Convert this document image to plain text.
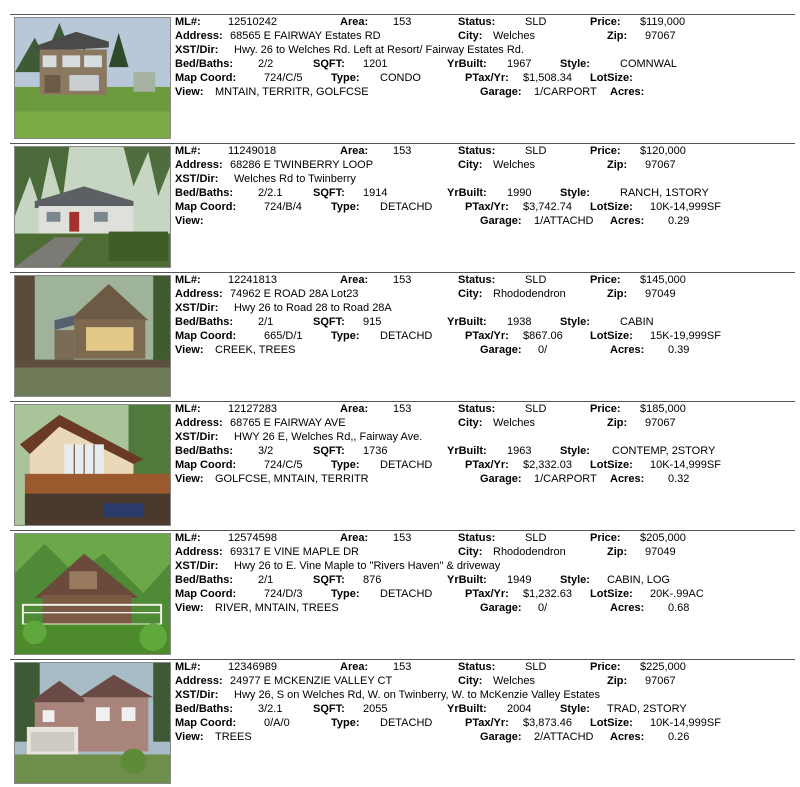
ML#: 12510242	Area: 153	Status:	SLD	Price: $119,000
Address: 68565 E FAIRWAY Estates RD	City: Welches	Zip: 97067
XST/Dir: Hwy. 26 to Welches Rd. Left at Resort/ Fairway Estates Rd.
Bed/Baths: 2/2	SQFT: 1201	YrBuilt: 1967	Style:	COMNWAL
Map Coord:	724/C/5	Type: CONDO	PTax/Yr: $1,508.34 LotSize:
View: MNTAIN, TERRITR, GOLFCSE	Garage: 1/CARPORT Acres:
ML#: 11249018	Area: 153	Status:	SLD	Price: $120,000
Address: 68286 E TWINBERRY LOOP	City: Welches	Zip: 97067
XST/Dir: Welches Rd to Twinberry
Bed/Baths: 2/2.1	SQFT: 1914	YrBuilt: 1990	Style:	RANCH, 1STORY
Map Coord:	724/B/4	Type: DETACHD	PTax/Yr: $3,742.74 LotSize: 10K-14,999SF
View:	Garage: 1/ATTACHD Acres: 0.29
ML#: 12241813	Area: 153	Status:	SLD	Price: $145,000
Address: 74962 E ROAD 28A Lot23	City: Rhododendron	Zip: 97049
XST/Dir: Hwy 26 to Road 28 to Road 28A
Bed/Baths: 2/1	SQFT: 915	YrBuilt: 1938	Style:	CABIN
Map Coord:	665/D/1	Type: DETACHD	PTax/Yr: $867.06 LotSize: 15K-19,999SF
View: CREEK, TREES	Garage: 0/	Acres: 0.39
ML#: 12127283	Area: 153	Status:	SLD	Price: $185,000
Address: 68765 E FAIRWAY AVE	City: Welches	Zip: 97067
XST/Dir: HWY 26 E, Welches Rd,, Fairway Ave.
Bed/Baths: 3/2	SQFT: 1736	YrBuilt: 1963	Style: CONTEMP, 2STORY
Map Coord:	724/C/5	Type: DETACHD	PTax/Yr: $2,332.03 LotSize: 10K-14,999SF
View: GOLFCSE, MNTAIN, TERRITR	Garage: 1/CARPORT Acres: 0.32
ML#: 12574598	Area: 153	Status:	SLD	Price: $205,000
Address: 69317 E VINE MAPLE DR	City: Rhododendron	Zip: 97049
XST/Dir: Hwy 26 to E. Vine Maple to "Rivers Haven" & driveway
Bed/Baths: 2/1	SQFT: 876	YrBuilt: 1949	Style: CABIN, LOG
Map Coord:	724/D/3	Type: DETACHD	PTax/Yr: $1,232.63 LotSize: 20K-.99AC
View: RIVER, MNTAIN, TREES	Garage: 0/	Acres: 0.68
ML#: 12346989	Area: 153	Status:	SLD	Price: $225,000
Address: 24977 E MCKENZIE VALLEY CT	City: Welches	Zip: 97067
XST/Dir: Hwy 26, S on Welches Rd, W. on Twinberry, W. to McKenzie Valley Estates
Bed/Baths: 3/2.1	SQFT: 2055	YrBuilt: 2004	Style: TRAD, 2STORY
Map Coord:	0/A/0	Type: DETACHD	PTax/Yr: $3,873.46 LotSize: 10K-14,999SF
View: TREES	Garage: 2/ATTACHD Acres: 0.26
